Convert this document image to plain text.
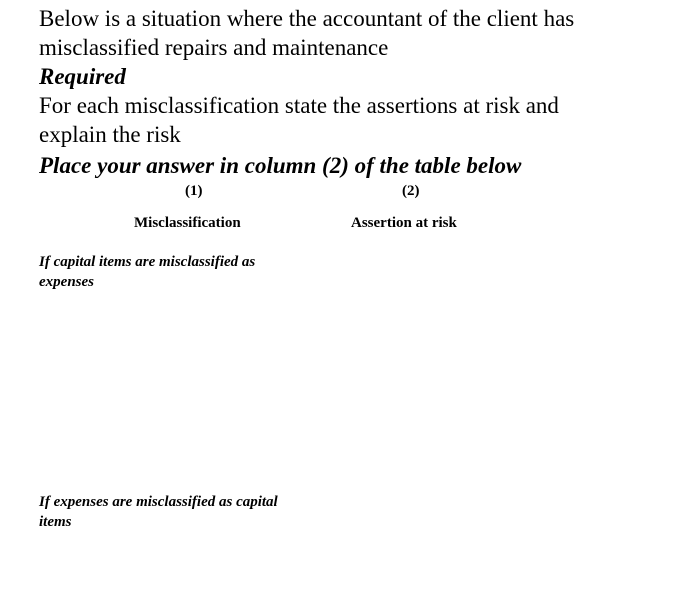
Below is a situation where the accountant of the client has
misclassified repairs and maintenance
Required
For each misclassification state the assertions at risk and
explain the risk
Place your answer in column (2) of the table below
(1)	(2)
Misclassification	Assertion at risk
If capital items are misclassified as
expenses
If expenses are misclassified as capital
items
